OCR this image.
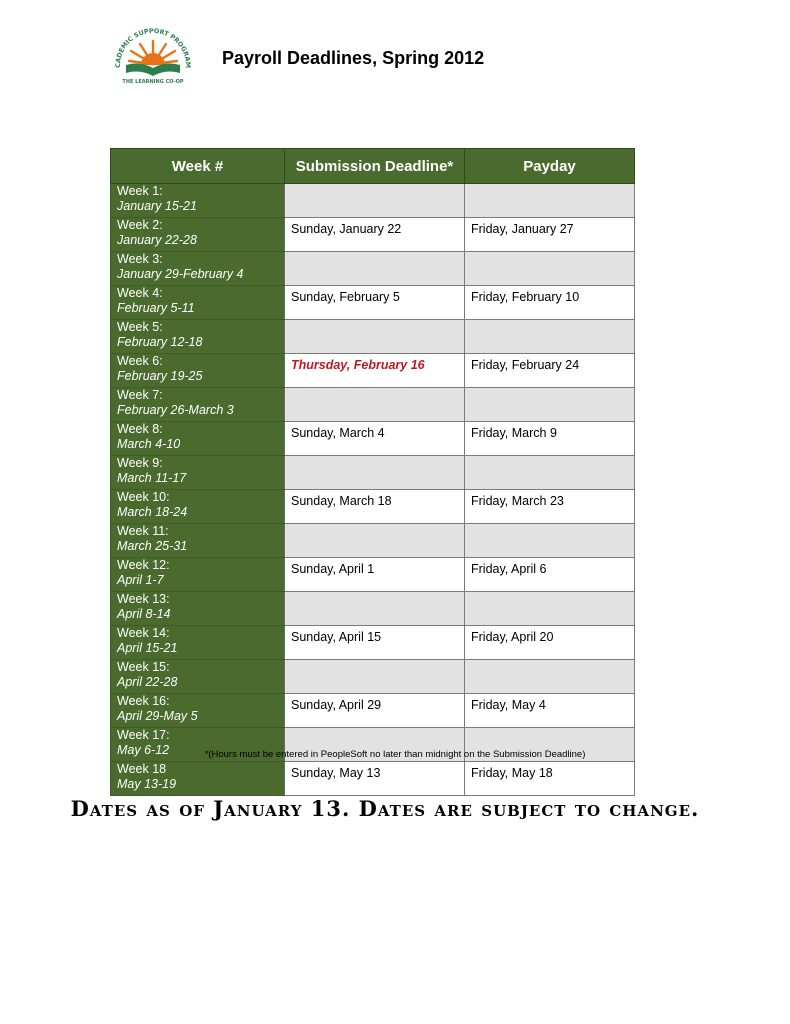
CADEMIC SUPPORT PROGRAM
THE LEARNING CO-OP
Payroll Deadlines, Spring 2012
Week #	Submission Deadline*	Payday

Week 1:
January 15-21		

Week 2:
January 22-28	Sunday, January 22	Friday, January 27

Week 3:
January 29-February 4		

Week 4:
February 5-11	Sunday, February 5	Friday, February 10

Week 5:
February 12-18		

Week 6:
February 19-25	Thursday, February 16	Friday, February 24

Week 7:
February 26-March 3		

Week 8:
March 4-10	Sunday, March 4	Friday, March 9

Week 9:
March 11-17		

Week 10:
March 18-24	Sunday, March 18	Friday, March 23

Week 11:
March 25-31		

Week 12:
April 1-7	Sunday, April 1	Friday, April 6

Week 13:
April 8-14		

Week 14:
April 15-21	Sunday, April 15	Friday, April 20

Week 15:
April 22-28		

Week 16:
April 29-May 5	Sunday, April 29	Friday, May 4

Week 17:
May 6-12		

Week 18
May 13-19	Sunday, May 13	Friday, May 18
*(Hours must be entered in PeopleSoft no later than midnight on the Submission Deadline)
Dates as of January 13. Dates are subject to change.
